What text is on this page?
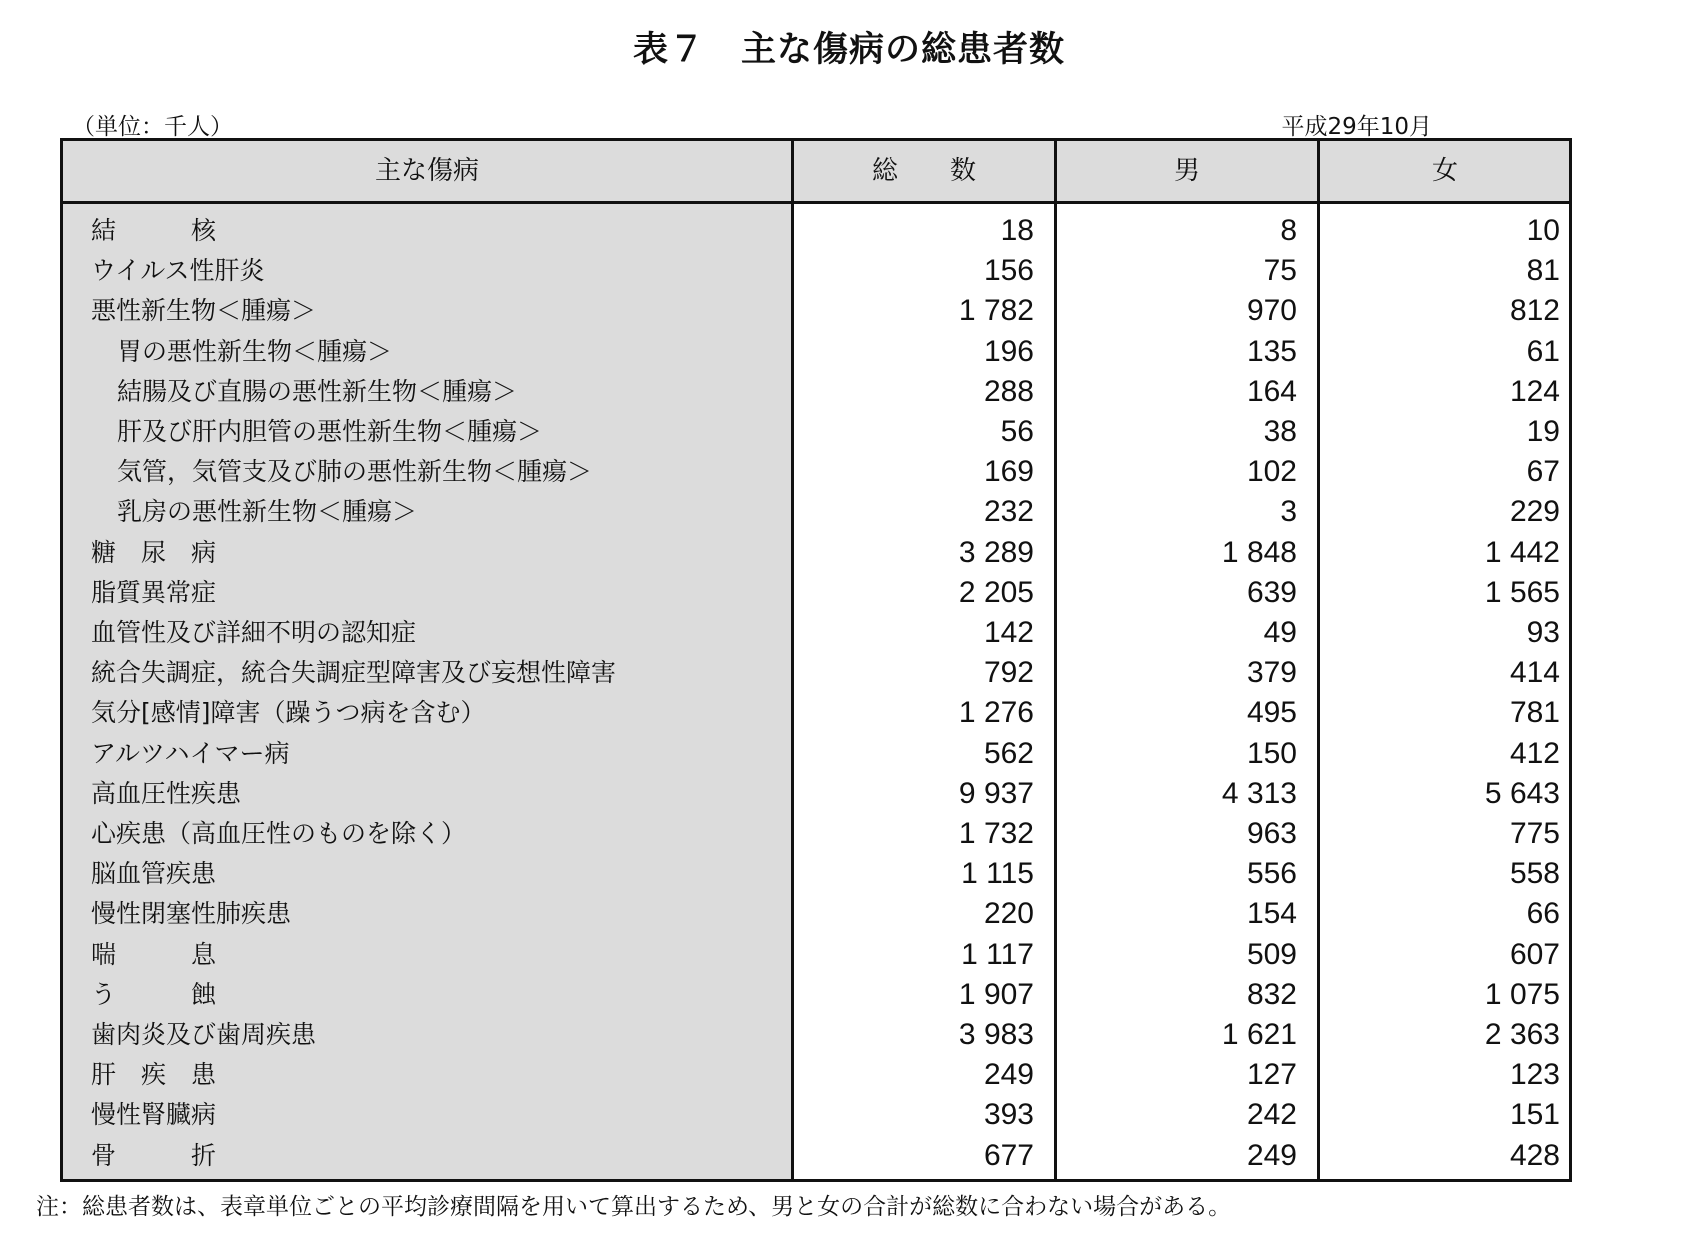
表７　主な傷病の総患者数
（単位：千人）	平成29年10月
主な傷病	総　　数	男	女
結　　　核	18	8	10
ウイルス性肝炎	156	75	81
悪性新生物＜腫瘍＞	1 782	970	812
胃の悪性新生物＜腫瘍＞	196	135	61
結腸及び直腸の悪性新生物＜腫瘍＞	288	164	124
肝及び肝内胆管の悪性新生物＜腫瘍＞	56	38	19
気管，気管支及び肺の悪性新生物＜腫瘍＞	169	102	67
乳房の悪性新生物＜腫瘍＞	232	3	229
糖　尿　病	3 289	1 848	1 442
脂質異常症	2 205	639	1 565
血管性及び詳細不明の認知症	142	49	93
統合失調症，統合失調症型障害及び妄想性障害	792	379	414
気分[感情]障害（躁うつ病を含む）	1 276	495	781
アルツハイマー病	562	150	412
高血圧性疾患	9 937	4 313	5 643
心疾患（高血圧性のものを除く）	1 732	963	775
脳血管疾患	1 115	556	558
慢性閉塞性肺疾患	220	154	66
喘　　　息	1 117	509	607
う　　　蝕	1 907	832	1 075
歯肉炎及び歯周疾患	3 983	1 621	2 363
肝　疾　患	249	127	123
慢性腎臓病	393	242	151
骨　　　折	677	249	428
注：総患者数は、表章単位ごとの平均診療間隔を用いて算出するため、男と女の合計が総数に合わない場合がある。
